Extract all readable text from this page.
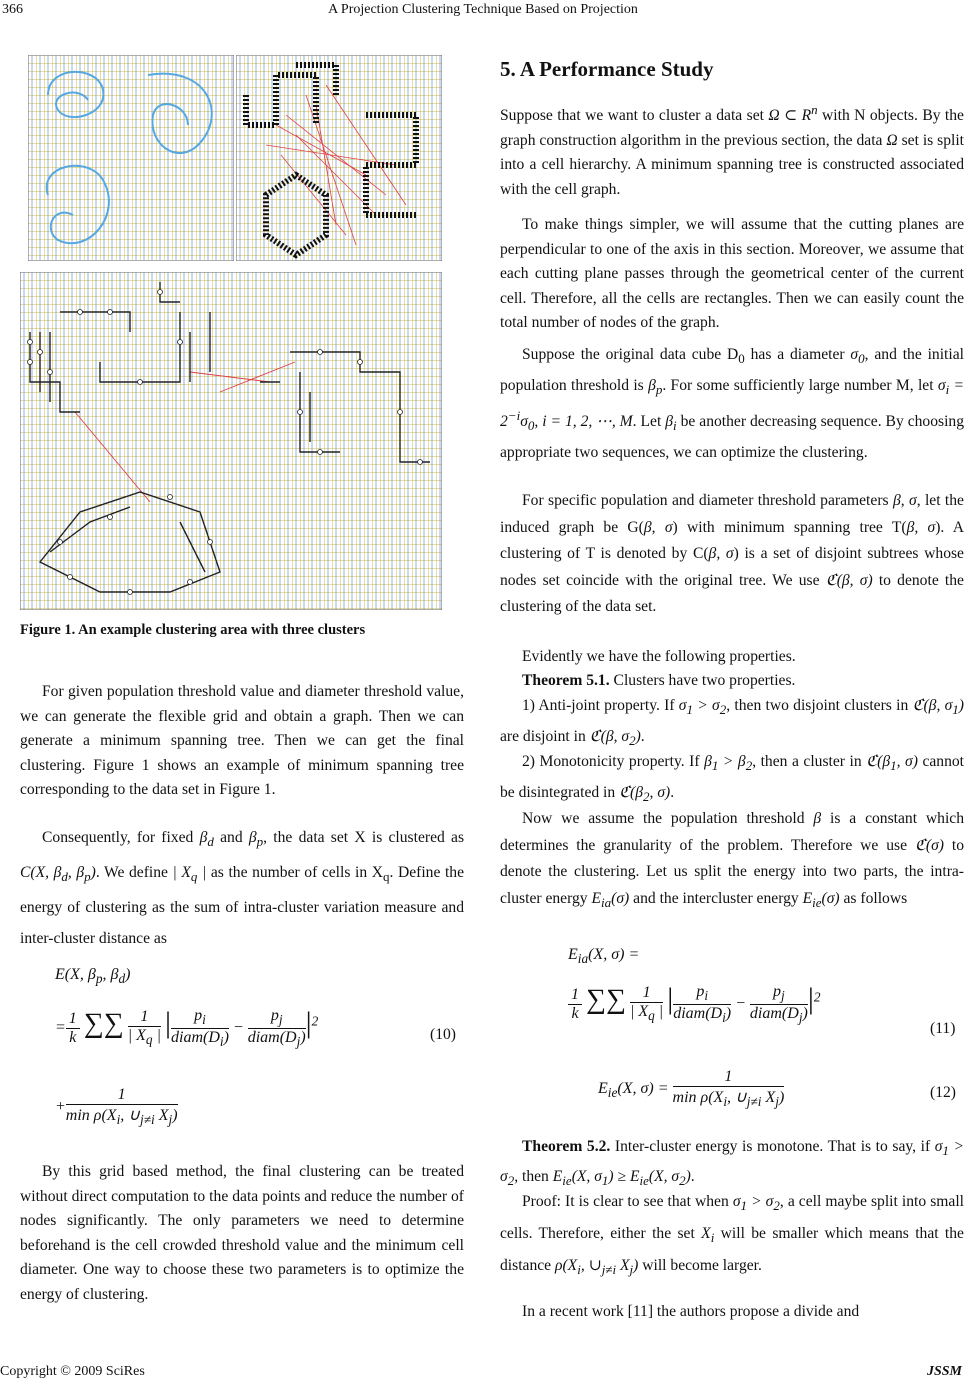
366	A Projection Clustering Technique Based on Projection
Figure 1. An example clustering area with three clusters

For given population threshold value and diameter threshold value, we can generate the flexible grid and obtain a graph. Then we can generate a minimum spanning tree. Then we can get the final clustering. Figure 1 shows an example of minimum spanning tree corresponding to the data set in Figure 1.

Consequently, for fixed $\beta_d$ and $\beta_p$, the data set X is clustered as C(X, $\beta_d$, $\beta_p$). We define | $X_q$ | as the number of cells in $X_q$. Define the energy of clustering as the sum of intra-cluster variation measure and inter-cluster distance as

E(X, $\beta_p$, $\beta_d$)
= $\frac{1}{k}$ ∑∑ $\frac{1}{| X_q |}$ | $\frac{p_i}{diam(D_i)} - \frac{p_j}{diam(D_j)} |^2$
+ $\frac{1}{\min \rho(X_i, \cup_{j\ne i} X_j)}$
(10)

By this grid based method, the final clustering can be treated without direct computation to the data points and reduce the number of nodes significantly. The only parameters we need to determine beforehand is the cell crowded threshold value and the minimum cell diameter. One way to choose these two parameters is to optimize the energy of clustering.

5. A Performance Study

Suppose that we want to cluster a data set Ω ⊂ $R^n$ with N objects. By the graph construction algorithm in the previous section, the data Ω set is split into a cell hierarchy. A minimum spanning tree is constructed associated with the cell graph.

To make things simpler, we will assume that the cutting planes are perpendicular to one of the axis in this section. Moreover, we assume that each cutting plane passes through the geometrical center of the current cell. Therefore, all the cells are rectangles. Then we can easily count the total number of nodes of the graph.

Suppose the original data cube $D_0$ has a diameter $\sigma_0$, and the initial population threshold is $\beta_p$. For some sufficiently large number M, let $\sigma_i = 2^{-i}\sigma_0$, i = 1, 2, ⋯, M. Let $\beta_i$ be another decreasing sequence. By choosing appropriate two sequences, we can optimize the clustering.

For specific population and diameter threshold parameters β, σ, let the induced graph be G(β, σ) with minimum spanning tree T(β, σ). A clustering of T is denoted by C(β, σ) is a set of disjoint subtrees whose nodes set coincide with the original tree. We use ℭ(β, σ) to denote the clustering of the data set.

Evidently we have the following properties.

Theorem 5.1. Clusters have two properties.

1) Anti-joint property. If $\sigma_1 > \sigma_2$, then two disjoint clusters in ℭ(β, $\sigma_1$) are disjoint in ℭ(β, $\sigma_2$).

2) Monotonicity property. If $\beta_1 > \beta_2$, then a cluster in $ℭ(\beta_1$, σ) cannot be disintegrated in $ℭ(\beta_2$, σ).

Now we assume the population threshold β is a constant which determines the granularity of the problem. Therefore we use ℭ(σ) to denote the clustering. Let us split the energy into two parts, the intra-cluster energy $E_{ia}(\sigma)$ and the intercluster energy $E_{ie}(\sigma)$ as follows

$E_{ia}(X$, σ) =
$\frac{1}{k}$ ∑∑ $\frac{1}{| X_q |}$ | $\frac{p_i}{diam(D_i)} - \frac{p_j}{diam(D_j)} |^2$
(11)
$E_{ie}(X$, $\sigma) = \frac{1}{\min \rho(X_i, \cup_{j\ne i} X_j)}$	(12)

Theorem 5.2. Inter-cluster energy is monotone. That is to say, if $\sigma_1 > \sigma_2$, then $E_{ie}(X$, $\sigma_1) \ge E_{ie}(X$, $\sigma_2$).

Proof: It is clear to see that when $\sigma_1 > \sigma_2$, a cell maybe split into small cells. Therefore, either the set $X_i$ will be smaller which means that the distance $\rho(X_i$, $\cup_{j\ne i}$ $X_j$) will become larger.

In a recent work [11] the authors propose a divide and

Copyright © 2009 SciRes	JSSM
